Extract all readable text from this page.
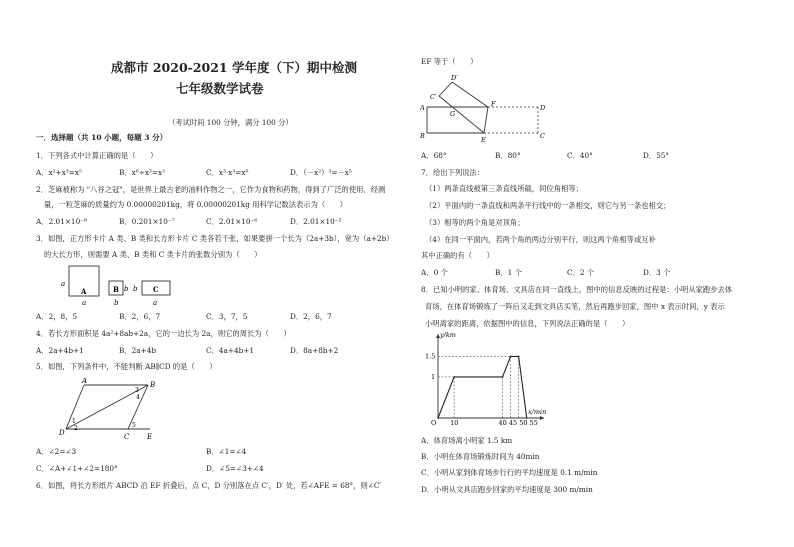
成都市 2020-2021 学年度（下）期中检测
七年级数学试卷
（考试时间 100 分钟，满分 100 分）
一．选择题（共 10 小题，每题 3 分）
1．下列各式中计算正确的是（　　）
A．x²+x³=x⁵	B．x⁶÷x³=x²	C．x³·x³=x⁶	D．（－x²）³=－x⁵
2．芝麻被称为 "八谷之冠"，是世界上最古老的油料作物之一，它作为食物和药物，得到了广泛的使用．经测
量，一粒芝麻的质量约为 0.00000201kg，将 0.00000201kg 用科学记数法表示为（　　）
A．2.01×10⁻⁸	B．0.201×10⁻⁷	C．2.01×10⁻⁶	D．2.01×10⁻⁵
3．如图，正方形卡片 A 类、B 类和长方形卡片 C 类各若干张，如果要拼一个长为（2a+3b），宽为（a+2b）
的大长方形，则需要 A 类、B 类和 C 类卡片的张数分别为（　　）
a
a	b
b
a
b
A	B	C
A．2，8，5	B．2，6，7	C．3，7，5	D．2，6，7
4．若长方形面积是 4a²+8ab+2a，它的一边长为 2a，则它的周长为（　　）
A．2a+4b+1	B．2a+4b	C．4a+4b+1	D．8a+8b+2
5．如图，下列条件中，不能判断 AB∥CD 的是（　　）
A	B
C
D	E
1
2
3
4
5
A．∠2=∠3	B．∠1=∠4
C．∠A+∠1+∠2=180°	D．∠5=∠3+∠4
6．如图，将长方形纸片 ABCD 沿 EF 折叠后，点 C，D 分别落在点 C′，D′ 处，若∠AFE = 68°，则∠C′
EF 等于（　　）
D′
C′
A
G
F	D
B	E	C
A．68°	B．80°	C．40°	D．55°
7．给出下列说法：
（1）两条直线被第三条直线所截，同位角相等；
（2）平面内的一条直线和两条平行线中的一条相交，则它与另一条也相交；
（3）相等的两个角是对顶角；
（4）在同一平面内，若两个角的两边分别平行，则这两个角相等或互补
其中正确的有（　　）
A．0 个	B．1 个	C．2 个	D．3 个
8．已知小明的家、体育场、文具店在同一直线上，图中的信息反映的过程是：小明从家跑步去体
育场，在体育场锻炼了一阵后又走到文具店买笔，然后再跑步回家，图中 x 表示时间，y 表示
小明离家的距离，依据图中的信息，下列说法正确的是（　　）
y/km
x/min
1.5
1
O 10	40 45 50 55
A．体育场离小明家 1.5 km
B．小明在体育场锻炼时间为 40min
C．小明从家到体育场步行行的平均速度是 0.1 m/min
D．小明从文具店跑步回家的平均速度是 300 m/min
